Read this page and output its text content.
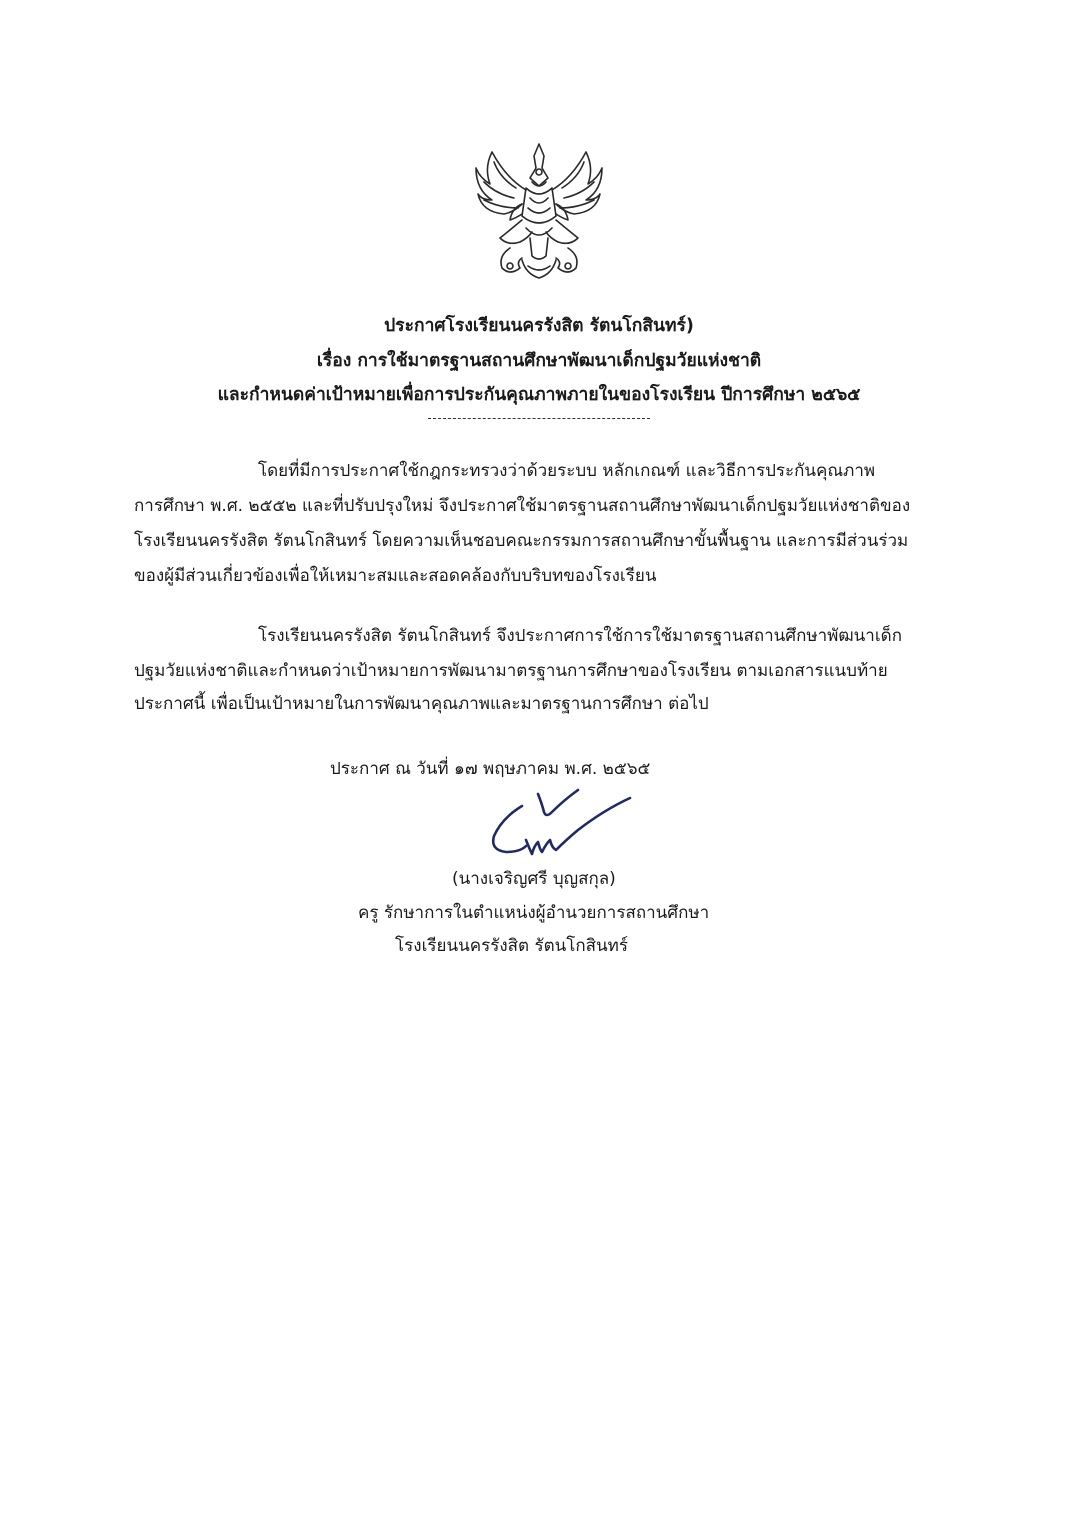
ประกาศโรงเรียนนครรังสิต รัตนโกสินทร์)
เรื่อง การใช้มาตรฐานสถานศึกษาพัฒนาเด็กปฐมวัยแห่งชาติ
และกำหนดค่าเป้าหมายเพื่อการประกันคุณภาพภายในของโรงเรียน ปีการศึกษา ๒๕๖๕
โดยที่มีการประกาศใช้กฎกระทรวงว่าด้วยระบบ หลักเกณฑ์ และวิธีการประกันคุณภาพ
การศึกษา พ.ศ. ๒๕๕๒ และที่ปรับปรุงใหม่ จึงประกาศใช้มาตรฐานสถานศึกษาพัฒนาเด็กปฐมวัยแห่งชาติของ
โรงเรียนนครรังสิต รัตนโกสินทร์ โดยความเห็นชอบคณะกรรมการสถานศึกษาขั้นพื้นฐาน และการมีส่วนร่วม
ของผู้มีส่วนเกี่ยวข้องเพื่อให้เหมาะสมและสอดคล้องกับบริบทของโรงเรียน
โรงเรียนนครรังสิต รัตนโกสินทร์ จึงประกาศการใช้การใช้มาตรฐานสถานศึกษาพัฒนาเด็ก
ปฐมวัยแห่งชาติและกำหนดว่าเป้าหมายการพัฒนามาตรฐานการศึกษาของโรงเรียน ตามเอกสารแนบท้าย
ประกาศนี้ เพื่อเป็นเป้าหมายในการพัฒนาคุณภาพและมาตรฐานการศึกษา ต่อไป
ประกาศ ณ วันที่ ๑๗ พฤษภาคม พ.ศ. ๒๕๖๕
(นางเจริญศรี บุญสกุล)
ครู รักษาการในตำแหน่งผู้อำนวยการสถานศึกษา
โรงเรียนนครรังสิต รัตนโกสินทร์
